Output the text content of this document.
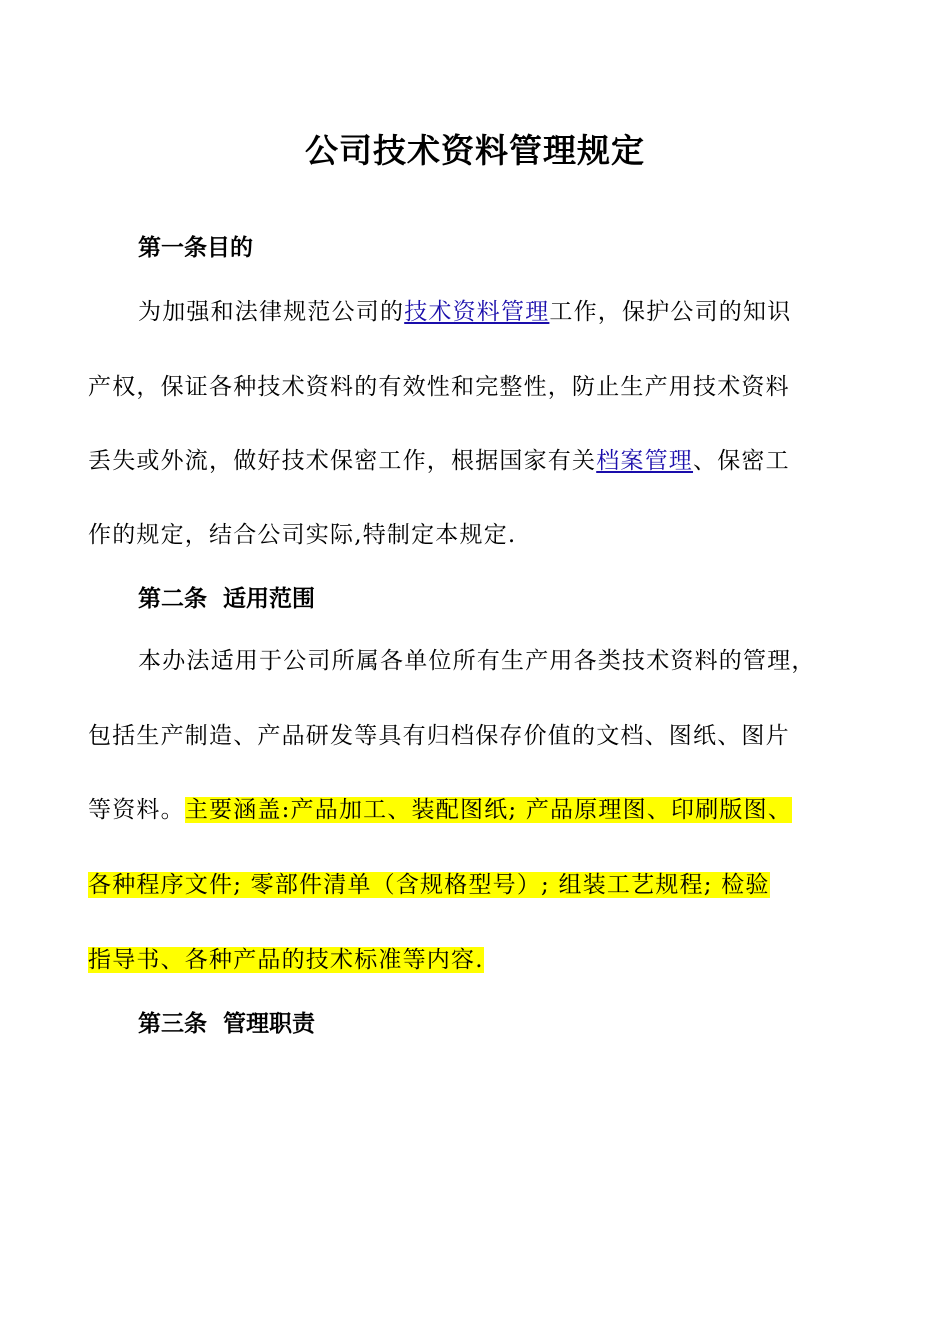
公司技术资料管理规定
第一条目的
为加强和法律规范公司的技术资料管理工作，保护公司的知识
产权，保证各种技术资料的有效性和完整性，防止生产用技术资料
丢失或外流，做好技术保密工作，根据国家有关档案管理、保密工
作的规定，结合公司实际,特制定本规定.
第二条  适用范围
本办法适用于公司所属各单位所有生产用各类技术资料的管理，
包括生产制造、产品研发等具有归档保存价值的文档、图纸、图片
等资料。主要涵盖:产品加工、装配图纸; 产品原理图、印刷版图、
各种程序文件; 零部件清单（含规格型号）; 组装工艺规程; 检验
指导书、各种产品的技术标准等内容.
第三条  管理职责
